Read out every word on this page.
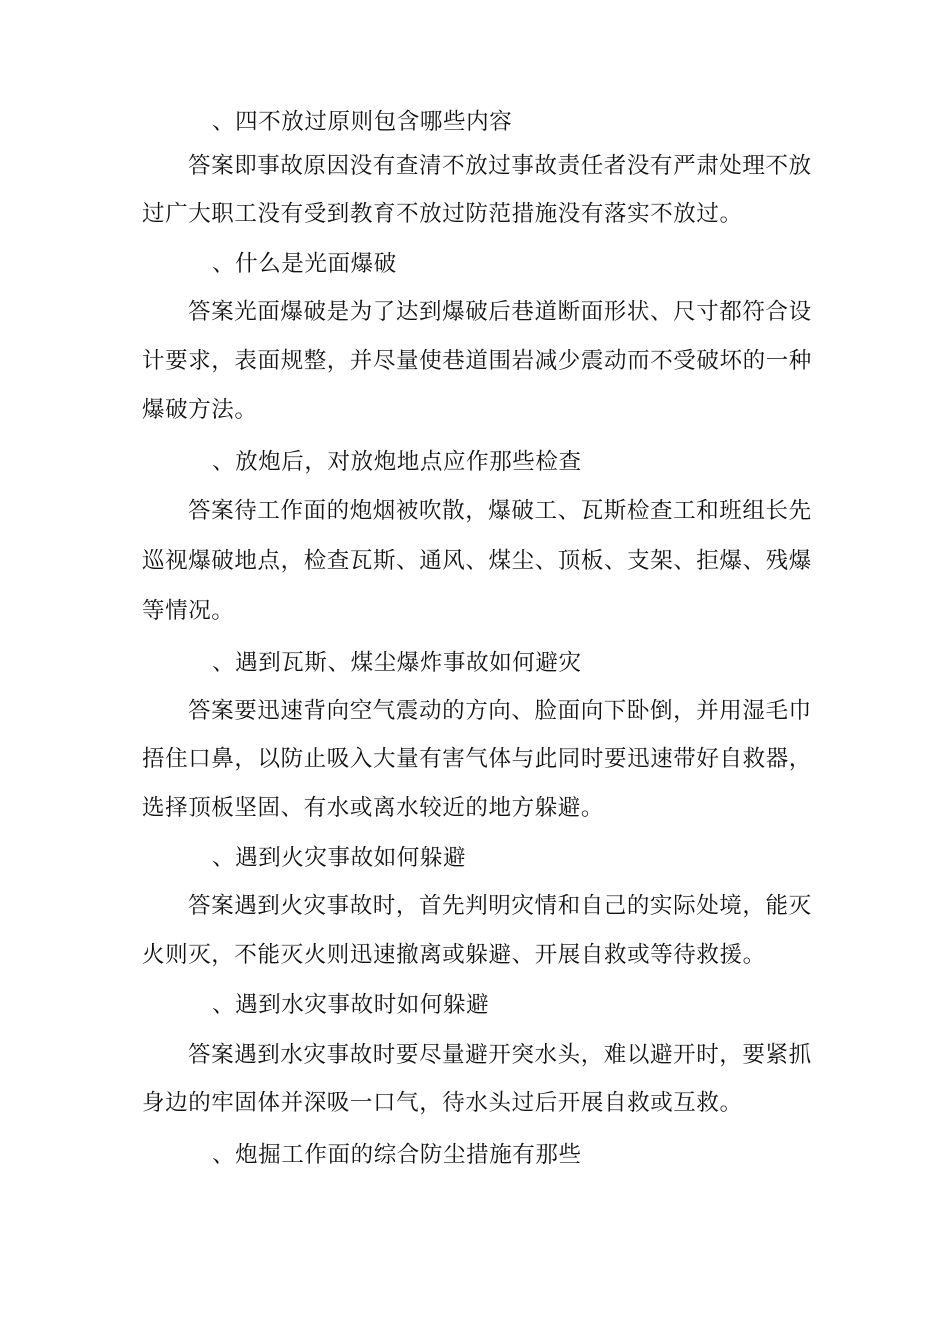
、四不放过原则包含哪些内容
答案即事故原因没有查清不放过事故责任者没有严肃处理不放
过广大职工没有受到教育不放过防范措施没有落实不放过。
、什么是光面爆破
答案光面爆破是为了达到爆破后巷道断面形状、尺寸都符合设
计要求，表面规整，并尽量使巷道围岩减少震动而不受破坏的一种
爆破方法。
、放炮后，对放炮地点应作那些检查
答案待工作面的炮烟被吹散，爆破工、瓦斯检查工和班组长先
巡视爆破地点，检查瓦斯、通风、煤尘、顶板、支架、拒爆、残爆
等情况。
、遇到瓦斯、煤尘爆炸事故如何避灾
答案要迅速背向空气震动的方向、脸面向下卧倒，并用湿毛巾
捂住口鼻，以防止吸入大量有害气体与此同时要迅速带好自救器，
选择顶板坚固、有水或离水较近的地方躲避。
、遇到火灾事故如何躲避
答案遇到火灾事故时，首先判明灾情和自己的实际处境，能灭
火则灭，不能灭火则迅速撤离或躲避、开展自救或等待救援。
、遇到水灾事故时如何躲避
答案遇到水灾事故时要尽量避开突水头，难以避开时，要紧抓
身边的牢固体并深吸一口气，待水头过后开展自救或互救。
、炮掘工作面的综合防尘措施有那些
